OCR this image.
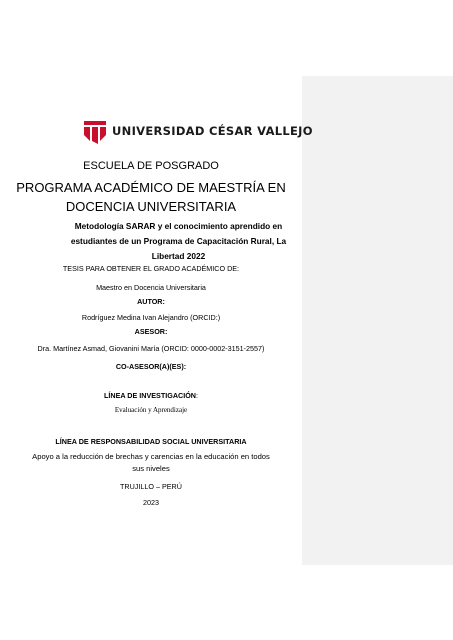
UNIVERSIDAD CÉSAR VALLEJO
ESCUELA DE POSGRADO
PROGRAMA ACADÉMICO DE MAESTRÍA EN
DOCENCIA UNIVERSITARIA
Metodología SARAR y el conocimiento aprendido en estudiantes de un Programa de Capacitación Rural, La Libertad 2022
TESIS PARA OBTENER EL GRADO ACADÉMICO DE:
Maestro en Docencia Universitaria
AUTOR:
Rodríguez Medina Ivan Alejandro (ORCID:)
ASESOR:
Dra. Martínez Asmad, Giovanini María (ORCID: 0000-0002-3151-2557)
CO-ASESOR(A)(ES):
LÍNEA DE INVESTIGACIÓN:
Evaluación y Aprendizaje
LÍNEA DE RESPONSABILIDAD SOCIAL UNIVERSITARIA
Apoyo a la reducción de brechas y carencias en la educación en todos
sus niveles
TRUJILLO – PERÚ
2023
